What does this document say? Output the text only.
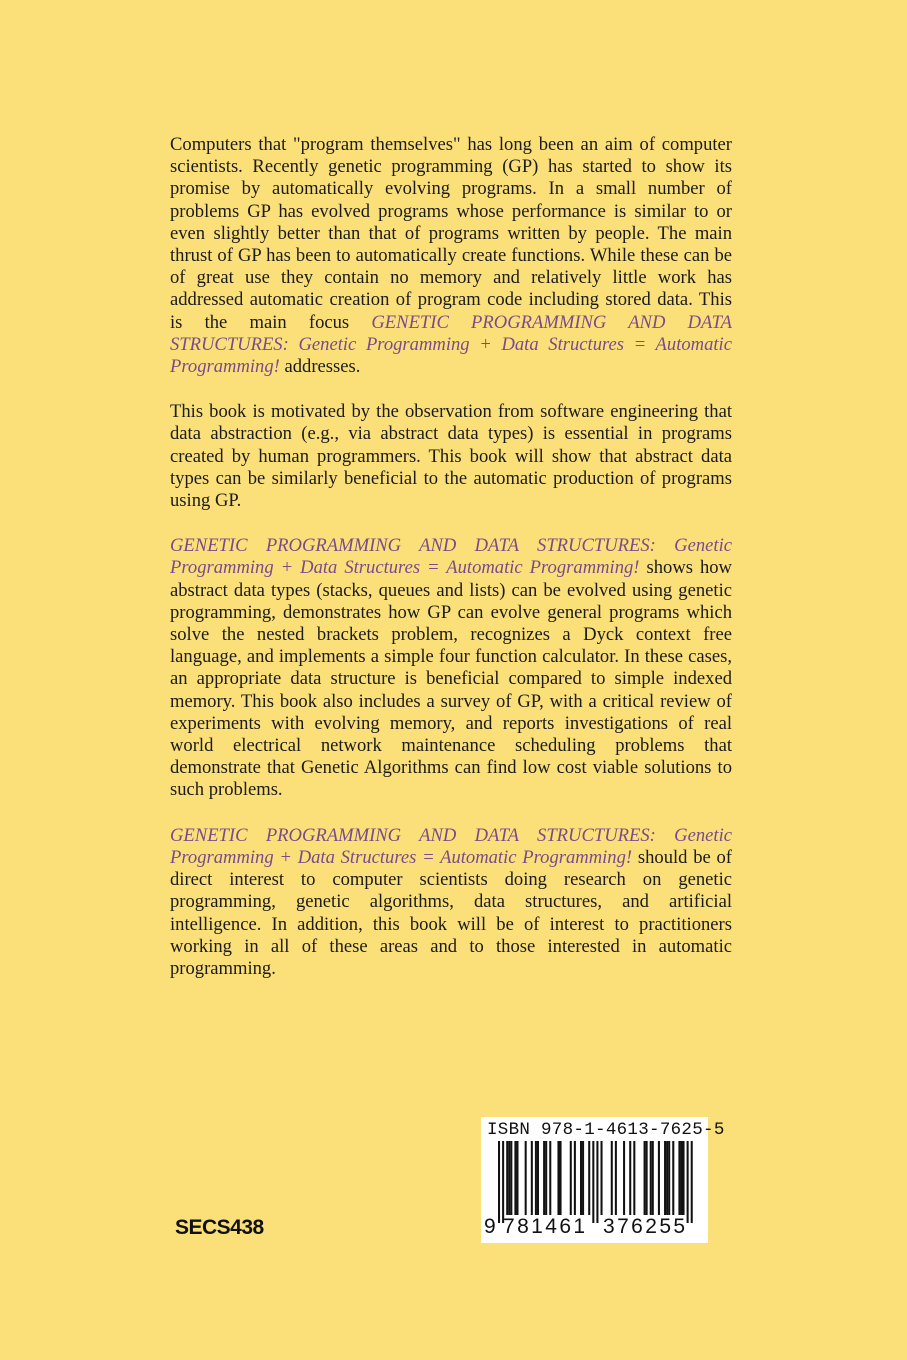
Computers that "program themselves" has long been an aim of computer scientists. Recently genetic programming (GP) has started to show its promise by automatically evolving programs. In a small number of problems GP has evolved programs whose performance is similar to or even slightly better than that of programs written by people. The main thrust of GP has been to automatically create functions. While these can be of great use they contain no memory and relatively little work has addressed automatic creation of program code including stored data. This is the main focus GENETIC PROGRAMMING AND DATA STRUCTURES: Genetic Programming + Data Structures = Automatic Programming! addresses.

This book is motivated by the observation from software engineering that data abstraction (e.g., via abstract data types) is essential in programs created by human programmers. This book will show that abstract data types can be similarly beneficial to the automatic production of programs using GP.

GENETIC PROGRAMMING AND DATA STRUCTURES: Genetic Programming + Data Structures = Automatic Programming! shows how abstract data types (stacks, queues and lists) can be evolved using genetic programming, demonstrates how GP can evolve general programs which solve the nested brackets problem, recognizes a Dyck context free language, and implements a simple four function calculator. In these cases, an appropriate data structure is beneficial compared to simple indexed memory. This book also includes a survey of GP, with a critical review of experiments with evolving memory, and reports investigations of real world electrical network maintenance scheduling problems that demonstrate that Genetic Algorithms can find low cost viable solutions to such problems.

GENETIC PROGRAMMING AND DATA STRUCTURES: Genetic Programming + Data Structures = Automatic Programming! should be of direct interest to computer scientists doing research on genetic programming, genetic algorithms, data structures, and artificial intelligence. In addition, this book will be of interest to practitioners working in all of these areas and to those interested in automatic programming.

SECS438
ISBN 978-1-4613-7625-5
9 781461 376255
